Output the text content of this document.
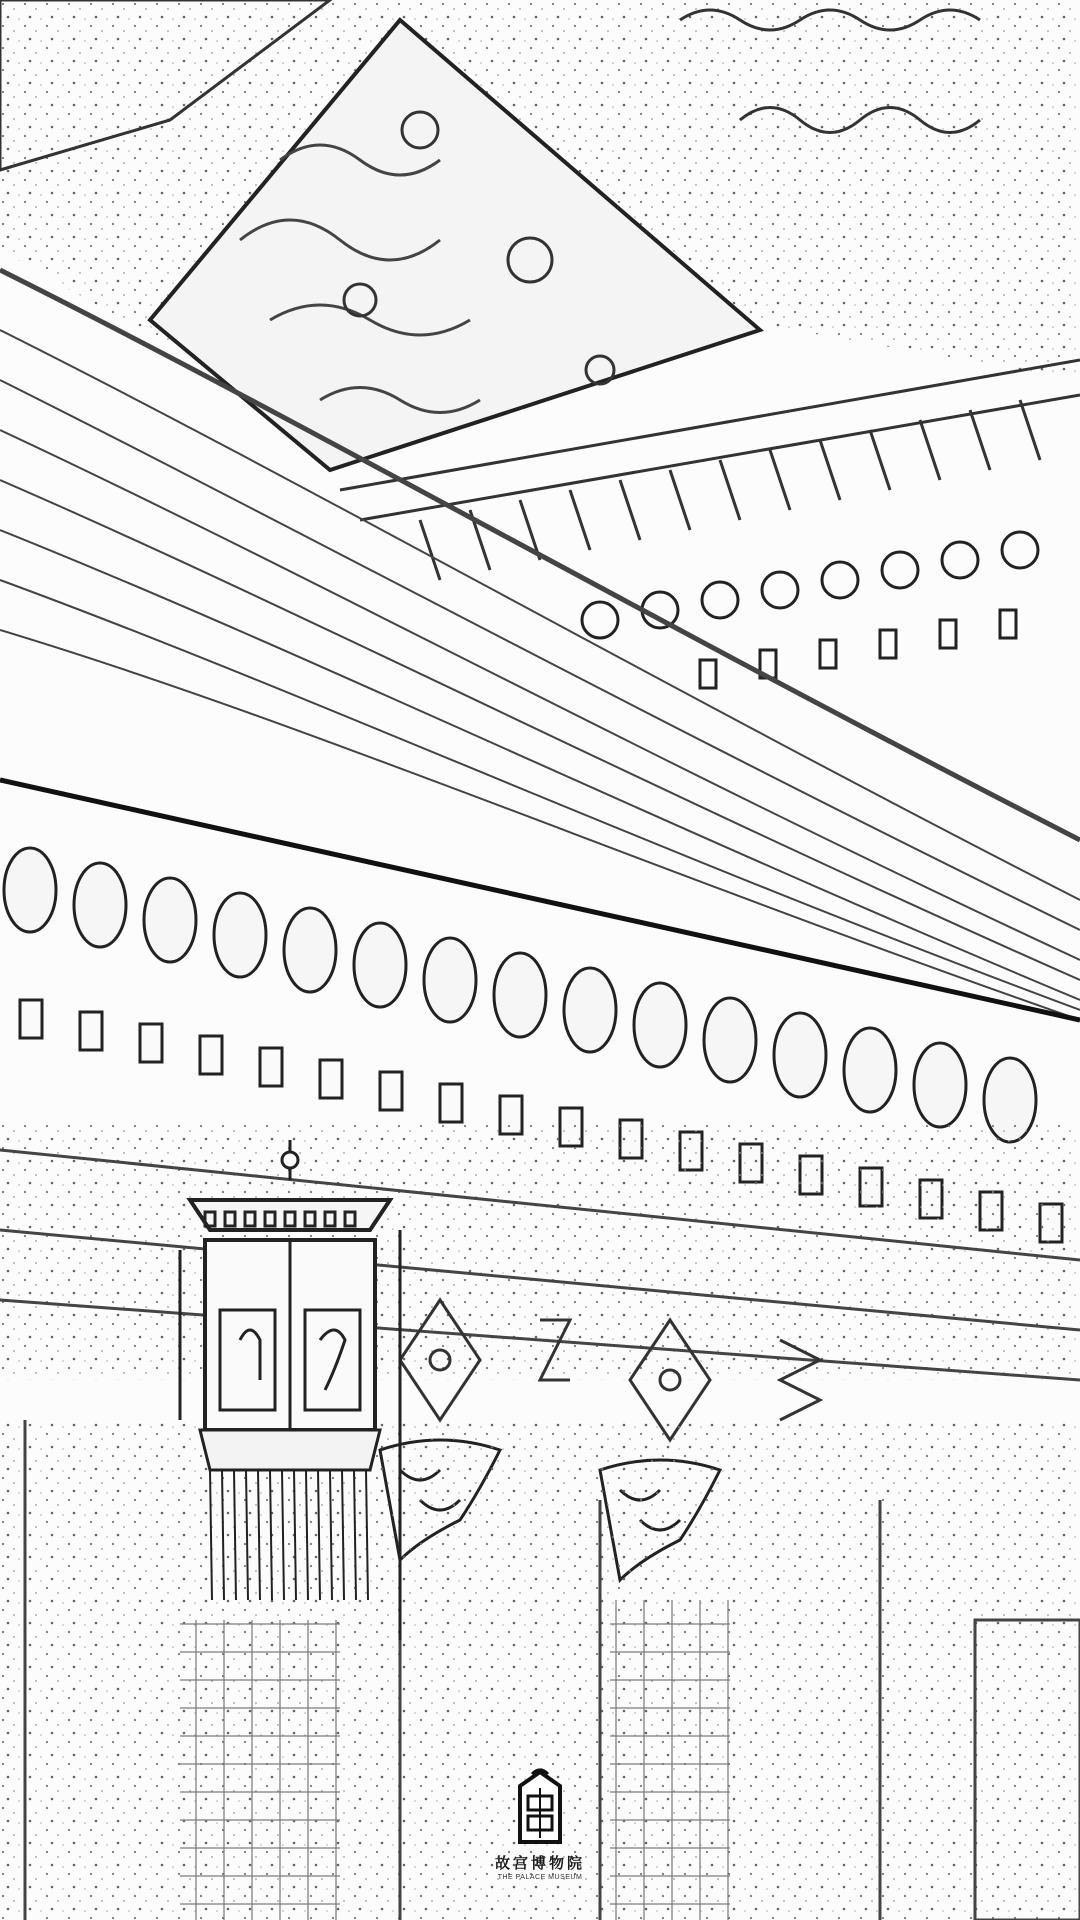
故宫博物院
THE PALACE MUSEUM
